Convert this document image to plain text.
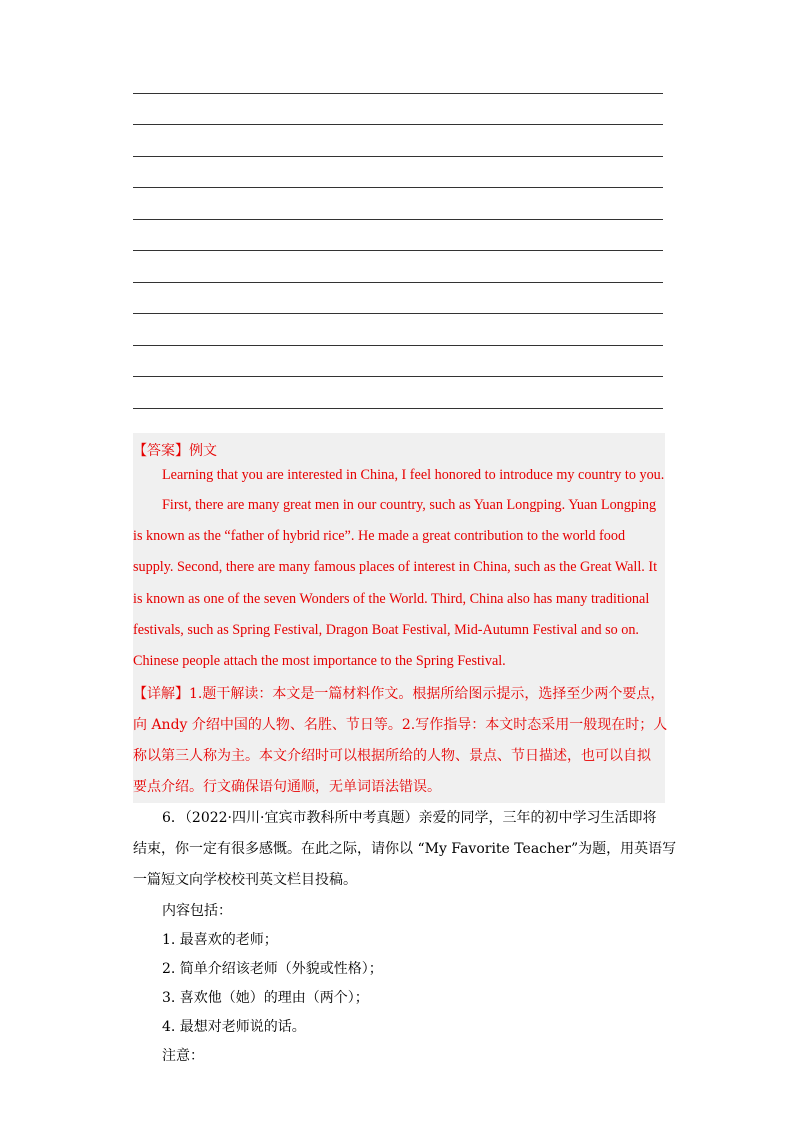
【答案】例文
Learning that you are interested in China, I feel honored to introduce my country to you.
First, there are many great men in our country, such as Yuan Longping. Yuan Longping
is known as the “father of hybrid rice”. He made a great contribution to the world food
supply. Second, there are many famous places of interest in China, such as the Great Wall. It
is known as one of the seven Wonders of the World. Third, China also has many traditional
festivals, such as Spring Festival, Dragon Boat Festival, Mid-Autumn Festival and so on.
Chinese people attach the most importance to the Spring Festival.
【详解】1.题干解读：本文是一篇材料作文。根据所给图示提示，选择至少两个要点，
向 Andy 介绍中国的人物、名胜、节日等。2.写作指导：本文时态采用一般现在时；人
称以第三人称为主。本文介绍时可以根据所给的人物、景点、节日描述，也可以自拟
要点介绍。行文确保语句通顺，无单词语法错误。
6．（2022·四川·宜宾市教科所中考真题）亲爱的同学，三年的初中学习生活即将
结束，你一定有很多感慨。在此之际，请你以 “My Favorite Teacher”为题，用英语写
一篇短文向学校校刊英文栏目投稿。
内容包括：
1. 最喜欢的老师；
2. 简单介绍该老师（外貌或性格）；
3. 喜欢他（她）的理由（两个）；
4. 最想对老师说的话。
注意：
